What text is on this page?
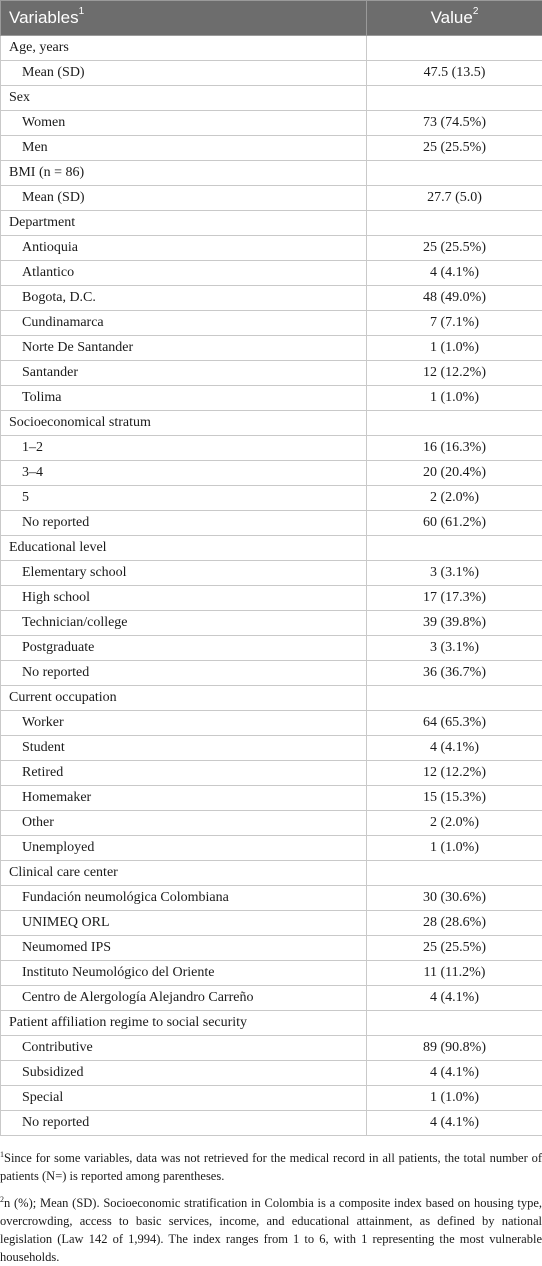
Variables$^1$	Value$^2$
Age, years	
Mean (SD)	47.5 (13.5)
Sex	
Women	73 (74.5%)
Men	25 (25.5%)
BMI (n = 86)	
Mean (SD)	27.7 (5.0)
Department	
Antioquia	25 (25.5%)
Atlantico	4 (4.1%)
Bogota, D.C.	48 (49.0%)
Cundinamarca	7 (7.1%)
Norte De Santander	1 (1.0%)
Santander	12 (12.2%)
Tolima	1 (1.0%)
Socioeconomical stratum	
1–2	16 (16.3%)
3–4	20 (20.4%)
5	2 (2.0%)
No reported	60 (61.2%)
Educational level	
Elementary school	3 (3.1%)
High school	17 (17.3%)
Technician/college	39 (39.8%)
Postgraduate	3 (3.1%)
No reported	36 (36.7%)
Current occupation	
Worker	64 (65.3%)
Student	4 (4.1%)
Retired	12 (12.2%)
Homemaker	15 (15.3%)
Other	2 (2.0%)
Unemployed	1 (1.0%)
Clinical care center	
Fundación neumológica Colombiana	30 (30.6%)
UNIMEQ ORL	28 (28.6%)
Neumomed IPS	25 (25.5%)
Instituto Neumológico del Oriente	11 (11.2%)
Centro de Alergología Alejandro Carreño	4 (4.1%)
Patient affiliation regime to social security	
Contributive	89 (90.8%)
Subsidized	4 (4.1%)
Special	1 (1.0%)
No reported	4 (4.1%)

$^1$Since for some variables, data was not retrieved for the medical record in all patients, the total number of patients (N=) is reported among parentheses.

$^2$n (%); Mean (SD). Socioeconomic stratification in Colombia is a composite index based on housing type, overcrowding, access to basic services, income, and educational attainment, as defined by national legislation (Law 142 of 1,994). The index ranges from 1 to 6, with 1 representing the most vulnerable households.
